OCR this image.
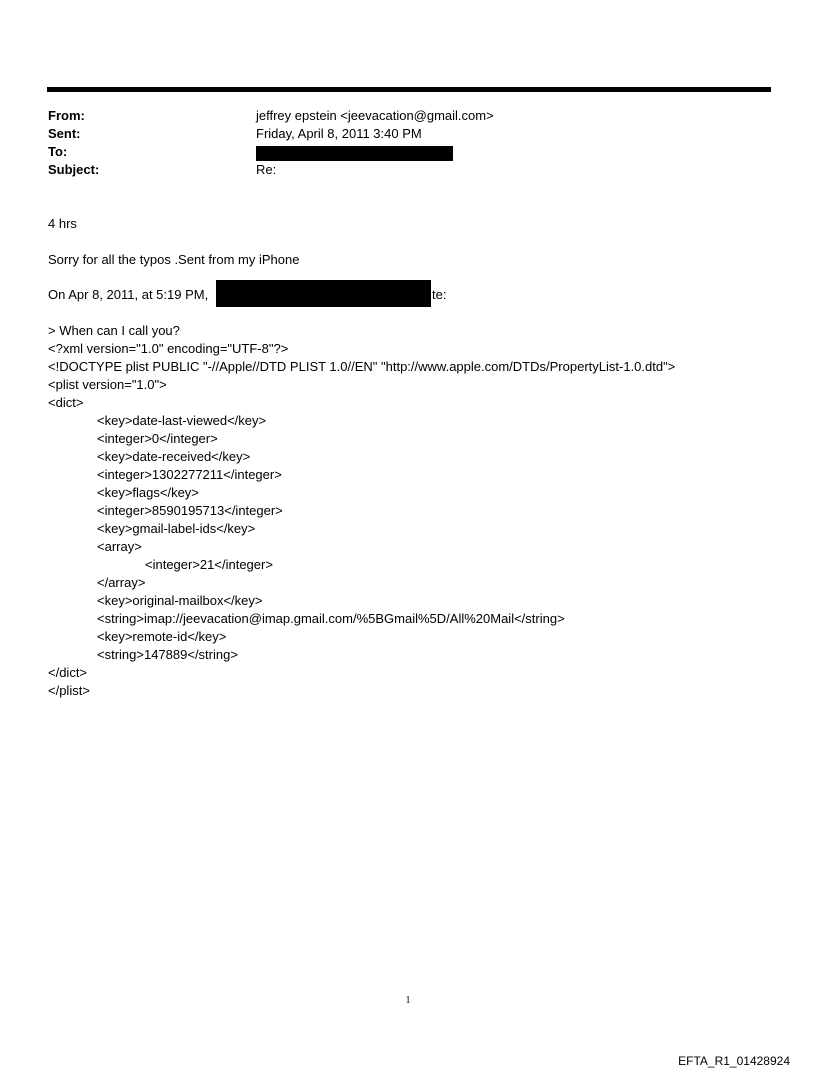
From:	jeffrey epstein <jeevacation@gmail.com>
Sent:	Friday, April 8, 2011 3:40 PM
To:
Subject:	Re:
4 hrs
Sorry for all the typos .Sent from my iPhone
On Apr 8, 2011, at 5:19 PM,	te:
> When can I call you?
<?xml version="1.0" encoding="UTF-8"?>
<!DOCTYPE plist PUBLIC "-//Apple//DTD PLIST 1.0//EN" "http://www.apple.com/DTDs/PropertyList-1.0.dtd">
<plist version="1.0">
<dict>
<key>date-last-viewed</key>
<integer>0</integer>
<key>date-received</key>
<integer>1302277211</integer>
<key>flags</key>
<integer>8590195713</integer>
<key>gmail-label-ids</key>
<array>
<integer>21</integer>
</array>
<key>original-mailbox</key>
<string>imap://jeevacation@imap.gmail.com/%5BGmail%5D/All%20Mail</string>
<key>remote-id</key>
<string>147889</string>
</dict>
</plist>
1
EFTA_R1_01428924
